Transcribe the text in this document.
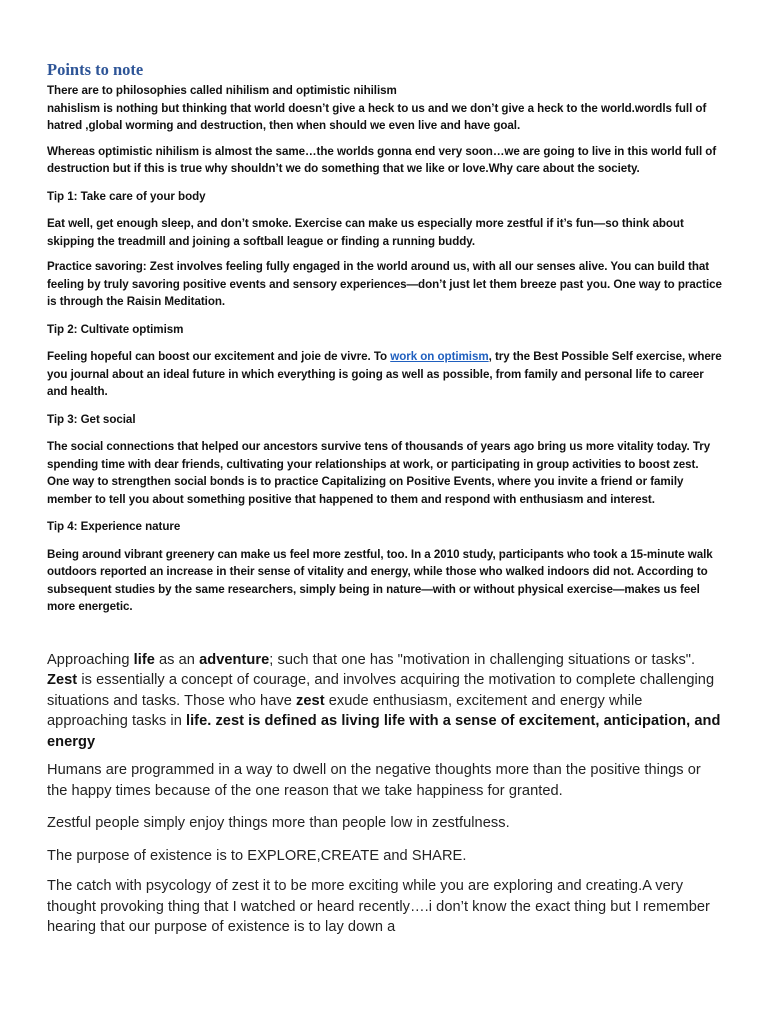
Points to note

There are to philosophies called nihilism and optimistic nihilism

nahislism is nothing but thinking that world doesn’t give a heck to us and we don’t give a heck to the world.wordls full of hatred ,global worming and destruction, then when should we even live and have goal.

Whereas optimistic nihilism is almost the same…the worlds gonna end very soon…we are going to live in this world full of destruction but if this is true why shouldn’t we do something that we like or love.Why care about the society.

Tip 1: Take care of your body

Eat well, get enough sleep, and don’t smoke. Exercise can make us especially more zestful if it’s fun—so think about skipping the treadmill and joining a softball league or finding a running buddy.

Practice savoring: Zest involves feeling fully engaged in the world around us, with all our senses alive. You can build that feeling by truly savoring positive events and sensory experiences—don’t just let them breeze past you. One way to practice is through the Raisin Meditation.

Tip 2: Cultivate optimism

Feeling hopeful can boost our excitement and joie de vivre. To work on optimism, try the Best Possible Self exercise, where you journal about an ideal future in which everything is going as well as possible, from family and personal life to career and health.

Tip 3: Get social

The social connections that helped our ancestors survive tens of thousands of years ago bring us more vitality today. Try spending time with dear friends, cultivating your relationships at work, or participating in group activities to boost zest. One way to strengthen social bonds is to practice Capitalizing on Positive Events, where you invite a friend or family member to tell you about something positive that happened to them and respond with enthusiasm and interest.

Tip 4: Experience nature

Being around vibrant greenery can make us feel more zestful, too. In a 2010 study, participants who took a 15-minute walk outdoors reported an increase in their sense of vitality and energy, while those who walked indoors did not. According to subsequent studies by the same researchers, simply being in nature—with or without physical exercise—makes us feel more energetic.

Approaching life as an adventure; such that one has "motivation in challenging situations or tasks". Zest is essentially a concept of courage, and involves acquiring the motivation to complete challenging situations and tasks. Those who have zest exude enthusiasm, excitement and energy while approaching tasks in life. zest is defined as living life with a sense of excitement, anticipation, and energy

Humans are programmed in a way to dwell on the negative thoughts more than the positive things or the happy times because of the one reason that we take happiness for granted.

Zestful people simply enjoy things more than people low in zestfulness.

The purpose of existence is to EXPLORE,CREATE and SHARE.

The catch with psycology of zest it to be more exciting while you are exploring and creating.A very thought provoking thing that I watched or heard recently….i don’t know the exact thing but I remember hearing that our purpose of existence is to lay down a
